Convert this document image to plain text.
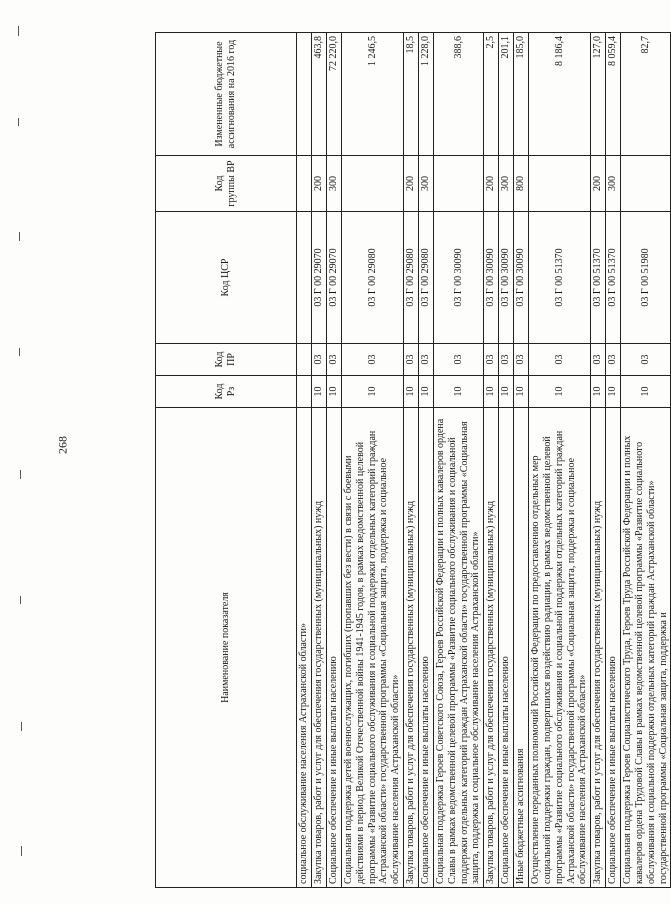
268
Наименование показателя	Код Рз	Код ПР	Код ЦСР	Код группы ВР	Измененные бюджетные ассигнования на 2016 год
социальное обслуживание населения Астраханской области»					
Закупка товаров, работ и услуг для обеспечения государственных (муниципальных) нужд	10	03	03 Г 00 29070	200	463,8
Социальное обеспечение и иные выплаты населению	10	03	03 Г 00 29070	300	72 220,0
Социальная поддержка детей военнослужащих, погибших (пропавших без вести) в связи с боевыми действиями в период Великой Отечественной войны 1941-1945 годов, в рамках ведомственной целевой программы «Развитие социального обслуживания и социальной поддержки отдельных категорий граждан Астраханской области» государственной программы «Социальная защита, поддержка и социальное обслуживание населения Астраханской области»	10	03	03 Г 00 29080		1 246,5
Закупка товаров, работ и услуг для обеспечения государственных (муниципальных) нужд	10	03	03 Г 00 29080	200	18,5
Социальное обеспечение и иные выплаты населению	10	03	03 Г 00 29080	300	1 228,0
Социальная поддержка Героев Советского Союза, Героев Российской Федерации и полных кавалеров ордена Славы в рамках ведомственной целевой программы «Развитие социального обслуживания и социальной поддержки отдельных категорий граждан Астраханской области» государственной программы «Социальная защита, поддержка и социальное обслуживание населения Астраханской области»	10	03	03 Г 00 30090		388,6
Закупка товаров, работ и услуг для обеспечения государственных (муниципальных) нужд	10	03	03 Г 00 30090	200	2,5
Социальное обеспечение и иные выплаты населению	10	03	03 Г 00 30090	300	201,1
Иные бюджетные ассигнования	10	03	03 Г 00 30090	800	185,0
Осуществление переданных полномочий Российской Федерации по предоставлению отдельных мер социальной поддержки граждан, подвергшихся воздействию радиации, в рамках ведомственной целевой программы «Развитие социального обслуживания и социальной поддержки отдельных категорий граждан Астраханской области» государственной программы «Социальная защита, поддержка и социальное обслуживание населения Астраханской области»	10	03	03 Г 00 51370		8 186,4
Закупка товаров, работ и услуг для обеспечения государственных (муниципальных) нужд	10	03	03 Г 00 51370	200	127,0
Социальное обеспечение и иные выплаты населению	10	03	03 Г 00 51370	300	8 059,4
Социальная поддержка Героев Социалистического Труда, Героев Труда Российской Федерации и полных кавалеров ордена Трудовой Славы в рамках ведомственной целевой программы «Развитие социального обслуживания и социальной поддержки отдельных категорий граждан Астраханской области» государственной программы «Социальная защита, поддержка и	10	03	03 Г 00 51980		82,7
